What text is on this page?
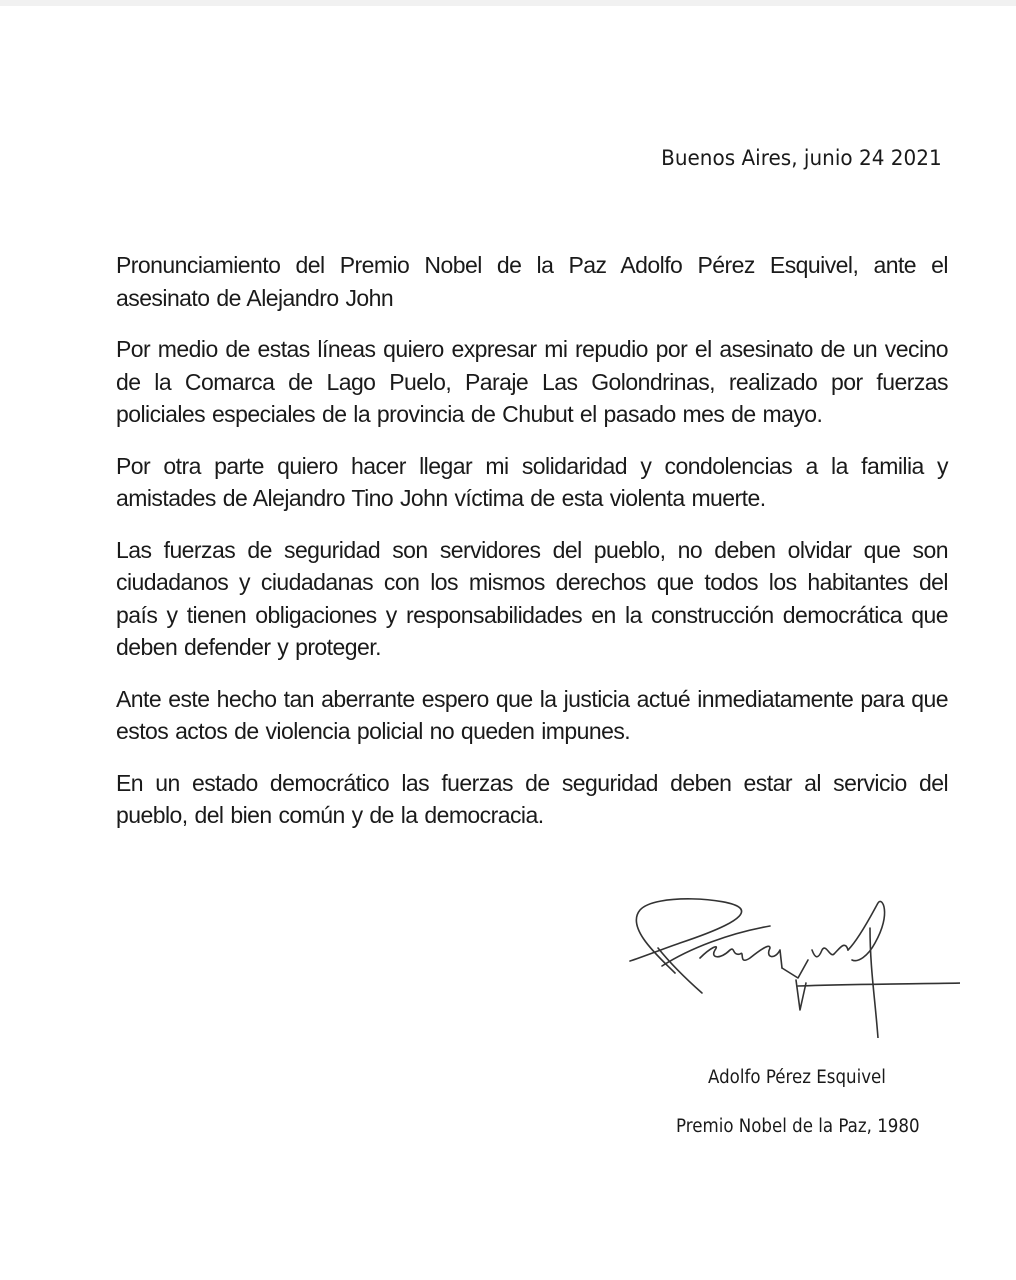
Buenos Aires, junio 24 2021

Pronunciamiento del Premio Nobel de la Paz Adolfo Pérez Esquivel, ante el asesinato de Alejandro John

Por medio de estas líneas quiero expresar mi repudio por el asesinato de un vecino de la Comarca de Lago Puelo, Paraje Las Golondrinas, realizado por fuerzas policiales especiales de la provincia de Chubut el pasado mes de mayo.

Por otra parte quiero hacer llegar mi solidaridad y condolencias a la familia y amistades de Alejandro Tino John víctima de esta violenta muerte.

Las fuerzas de seguridad son servidores del pueblo, no deben olvidar que son ciudadanos y ciudadanas con los mismos derechos que todos los habitantes del país y tienen obligaciones y responsabilidades en la construcción democrática que deben defender y proteger.

Ante este hecho tan aberrante espero que la justicia actué inmediatamente para que estos actos de violencia policial no queden impunes.

En un estado democrático las fuerzas de seguridad deben estar al servicio del pueblo, del bien común y de la democracia.

Adolfo Pérez Esquivel
Premio Nobel de la Paz, 1980
